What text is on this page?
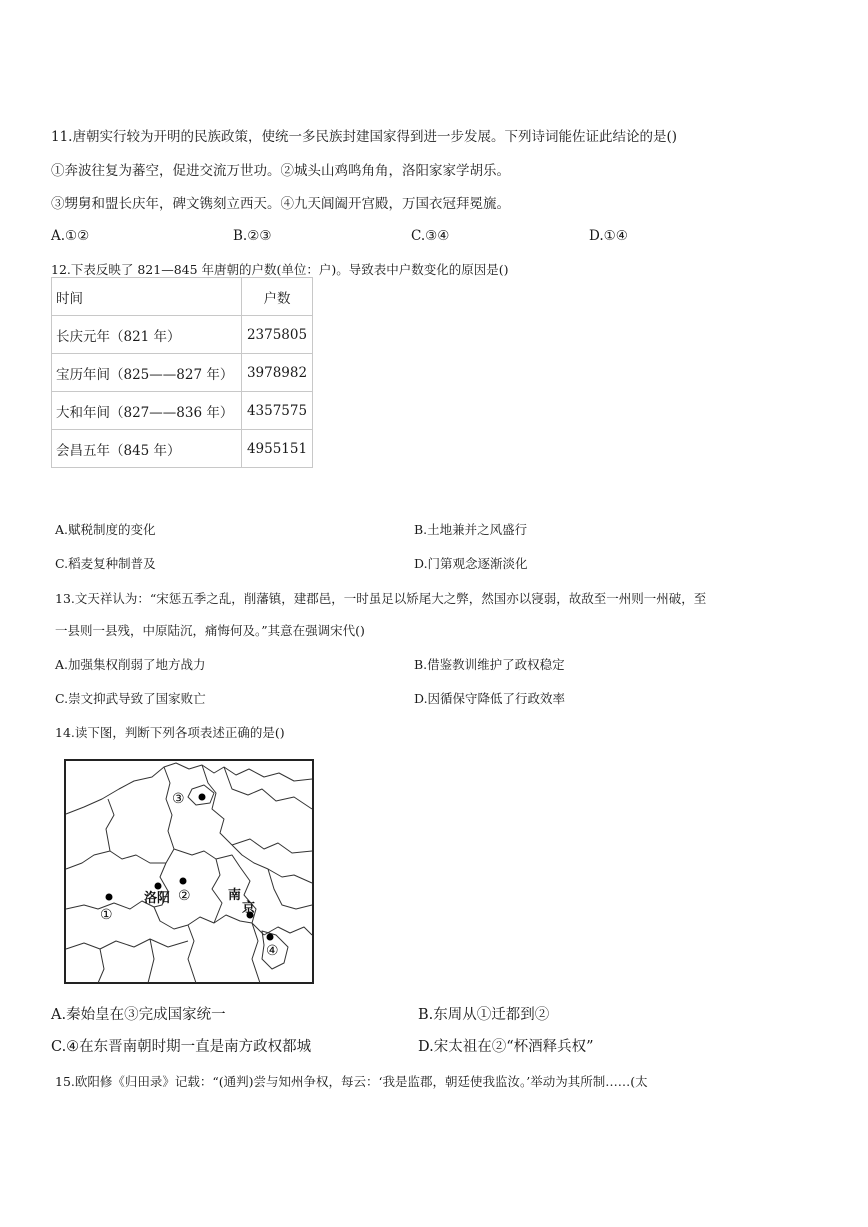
11.唐朝实行较为开明的民族政策，使统一多民族封建国家得到进一步发展。下列诗词能佐证此结论的是()
①奔波往复为蕃空，促进交流万世功。②城头山鸡鸣角角，洛阳家家学胡乐。
③甥舅和盟长庆年，碑文镌刻立西天。④九天阊阖开宫殿，万国衣冠拜冕旒。
A.①②	B.②③	C.③④	D.①④
12.下表反映了 821—845 年唐朝的户数(单位：户)。导致表中户数变化的原因是()
时间	户数
长庆元年（821 年）	2375805
宝历年间（825——827 年）	3978982
大和年间（827——836 年）	4357575
会昌五年（845 年）	4955151
A.赋税制度的变化	B.土地兼并之风盛行
C.稻麦复种制普及	D.门第观念逐渐淡化
13.文天祥认为：“宋惩五季之乱，削藩镇，建郡邑，一时虽足以矫尾大之弊，然国亦以寖弱，故敌至一州则一州破，至
一县则一县残，中原陆沉，痛悔何及。”其意在强调宋代()
A.加强集权削弱了地方战力	B.借鉴教训维护了政权稳定
C.崇文抑武导致了国家败亡	D.因循保守降低了行政效率
14.读下图，判断下列各项表述正确的是()
③
①
洛阳 ②	南
京
④
A.秦始皇在③完成国家统一	B.东周从①迁都到②
C.④在东晋南朝时期一直是南方政权都城	D.宋太祖在②“杯酒释兵权”
15.欧阳修《归田录》记载：“(通判)尝与知州争权，每云：‘我是监郡，朝廷使我监汝。’举动为其所制……(太
